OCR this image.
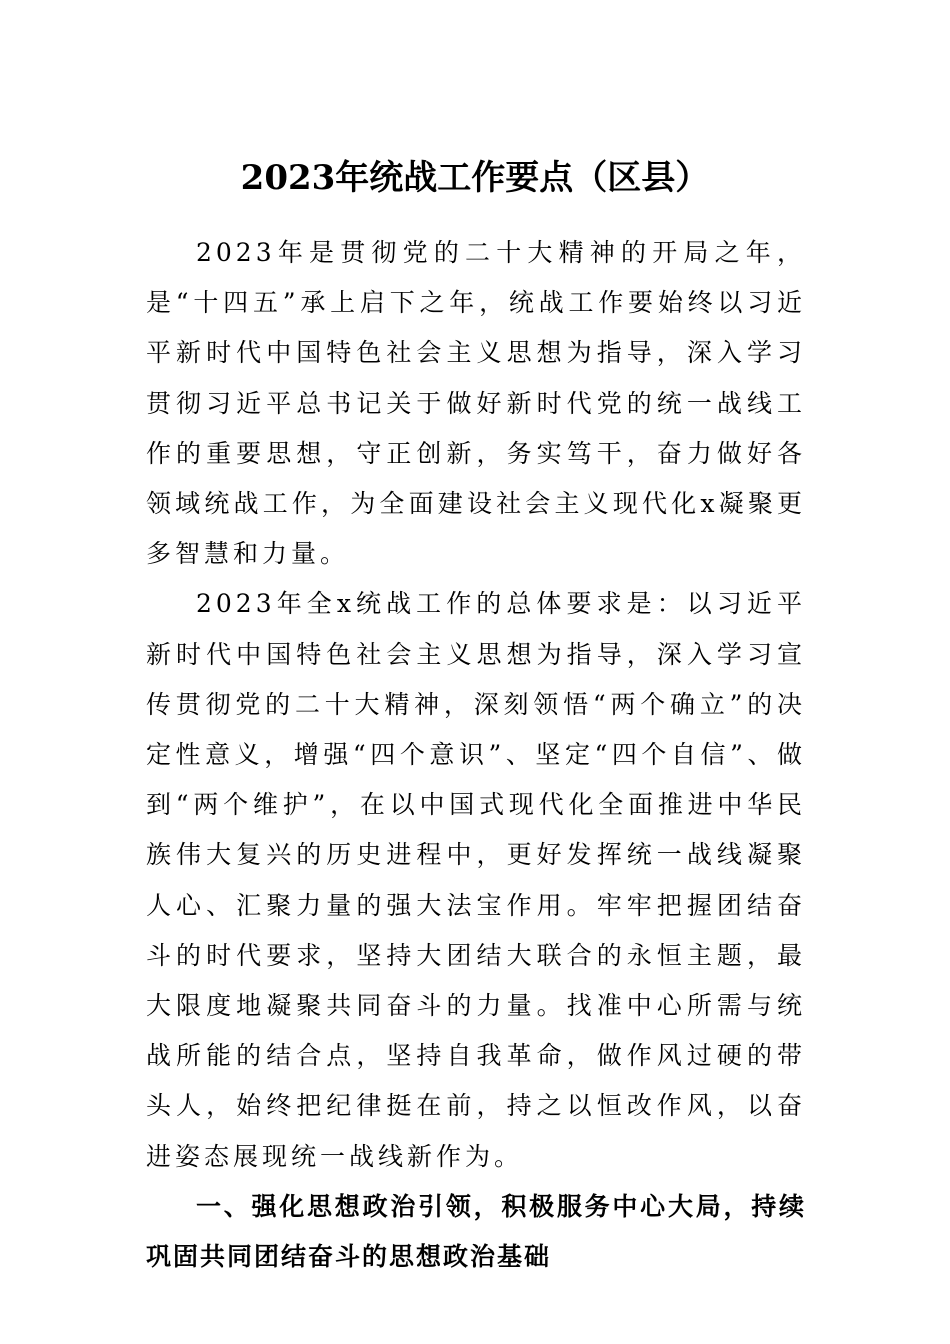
2023年统战工作要点（区县）

2023年是贯彻党的二十大精神的开局之年，是“十四五”承上启下之年，统战工作要始终以习近平新时代中国特色社会主义思想为指导，深入学习贯彻习近平总书记关于做好新时代党的统一战线工作的重要思想，守正创新，务实笃干，奋力做好各领域统战工作，为全面建设社会主义现代化x凝聚更多智慧和力量。

2023年全x统战工作的总体要求是：以习近平新时代中国特色社会主义思想为指导，深入学习宣传贯彻党的二十大精神，深刻领悟“两个确立”的决定性意义，增强“四个意识”、坚定“四个自信”、做到“两个维护”，在以中国式现代化全面推进中华民族伟大复兴的历史进程中，更好发挥统一战线凝聚人心、汇聚力量的强大法宝作用。牢牢把握团结奋斗的时代要求，坚持大团结大联合的永恒主题，最大限度地凝聚共同奋斗的力量。找准中心所需与统战所能的结合点，坚持自我革命，做作风过硬的带头人，始终把纪律挺在前，持之以恒改作风，以奋进姿态展现统一战线新作为。

一、强化思想政治引领，积极服务中心大局，持续巩固共同团结奋斗的思想政治基础
